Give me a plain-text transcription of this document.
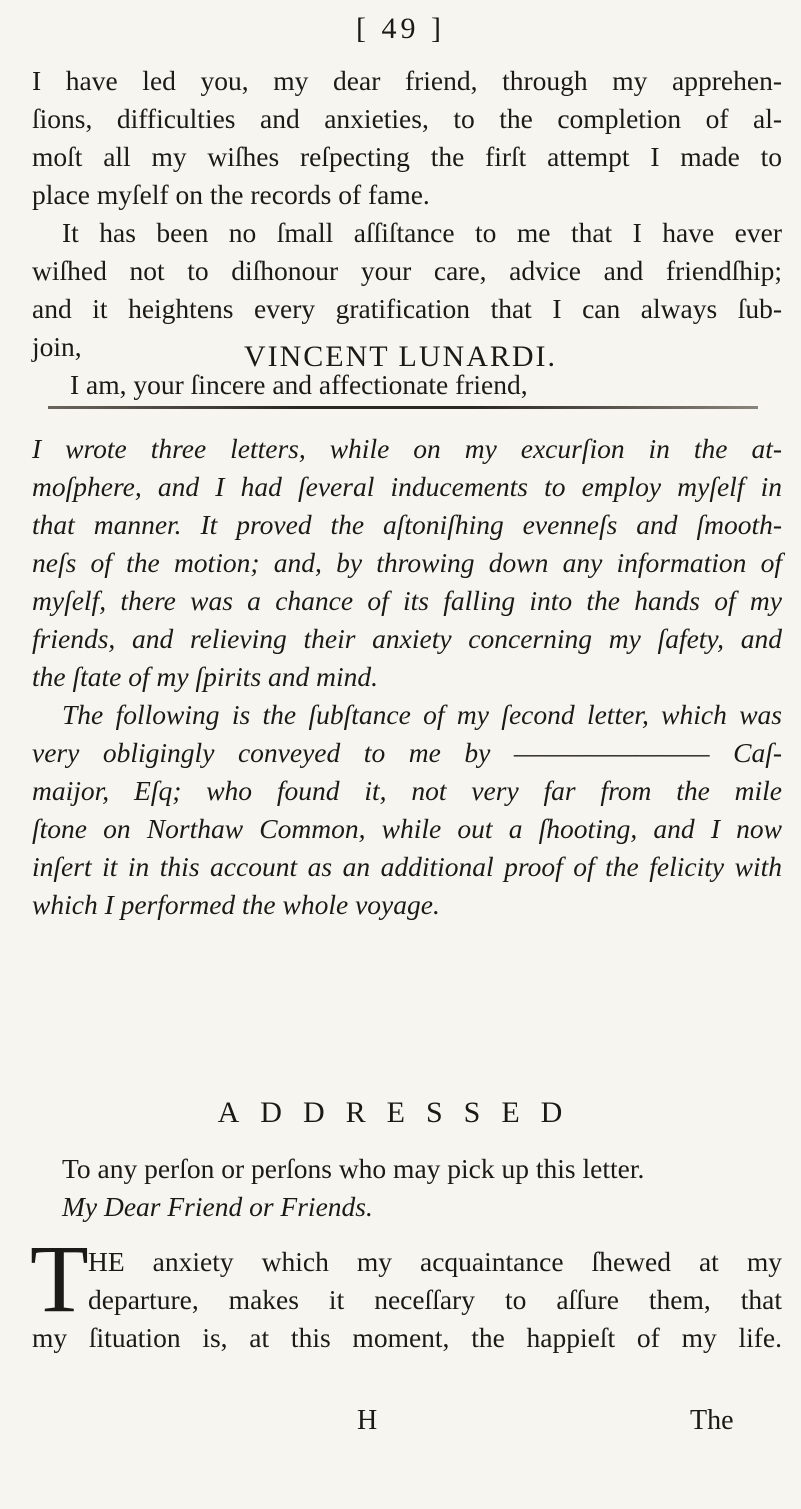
[ 49 ]
I have led you, my dear friend, through my apprehen-
ſions, difficulties and anxieties, to the completion of al-
moſt all my wiſhes reſpecting the firſt attempt I made to
place myſelf on the records of fame.
It has been no ſmall aſſiſtance to me that I have ever
wiſhed not to diſhonour your care, advice and friendſhip;
and it heightens every gratification that I can always ſub-
join,
I am, your ſincere and affectionate friend,
VINCENT LUNARDI.
I wrote three letters, while on my excurſion in the at-
moſphere, and I had ſeveral inducements to employ myſelf in
that manner. It proved the aſtoniſhing evenneſs and ſmooth-
neſs of the motion; and, by throwing down any information of
myſelf, there was a chance of its falling into the hands of my
friends, and relieving their anxiety concerning my ſafety, and
the ſtate of my ſpirits and mind.
The following is the ſubſtance of my ſecond letter, which was
very obligingly conveyed to me by ———————— Caſ-
maijor, Eſq; who found it, not very far from the mile
ſtone on Northaw Common, while out a ſhooting, and I now
inſert it in this account as an additional proof of the felicity with
which I performed the whole voyage.
ADDRESSED
To any perſon or perſons who may pick up this letter.
My Dear Friend or Friends.
T HE anxiety which my acquaintance ſhewed at my
departure, makes it neceſſary to aſſure them, that
my ſituation is, at this moment, the happieſt of my life.
H	The
